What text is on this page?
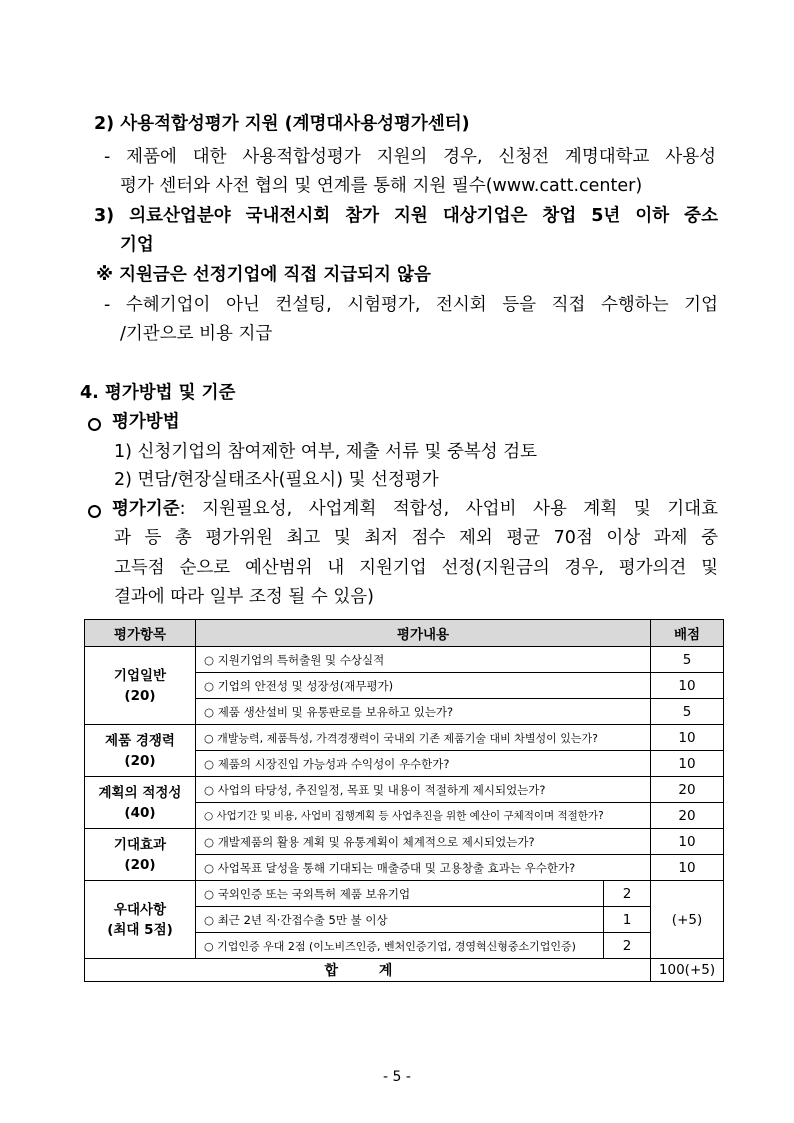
2) 사용적합성평가 지원 (계명대사용성평가센터)
- 제품에 대한 사용적합성평가 지원의 경우, 신청전 계명대학교 사용성
평가 센터와 사전 협의 및 연계를 통해 지원 필수(www.catt.center)
3) 의료산업분야 국내전시회 참가 지원 대상기업은 창업 5년 이하 중소
기업
※ 지원금은 선정기업에 직접 지급되지 않음
- 수혜기업이 아닌 컨설팅, 시험평가, 전시회 등을 직접 수행하는 기업
/기관으로 비용 지급
4. 평가방법 및 기준
평가방법
1) 신청기업의 참여제한 여부, 제출 서류 및 중복성 검토
2) 면담/현장실태조사(필요시) 및 선정평가
평가기준: 지원필요성, 사업계획 적합성, 사업비 사용 계획 및 기대효
과 등 총 평가위원 최고 및 최저 점수 제외 평균 70점 이상 과제 중
고득점 순으로 예산범위 내 지원기업 선정(지원금의 경우, 평가의견 및
결과에 따라 일부 조정 될 수 있음)
평가항목	평가내용		배점

기업일반
(20)	○ 지원기업의 특허출원 및 수상실적		5
	○ 기업의 안전성 및 성장성(재무평가)		10
	○ 제품 생산설비 및 유통판로를 보유하고 있는가?		5

제품 경쟁력
(20)	○ 개발능력, 제품특성, 가격경쟁력이 국내외 기존 제품기술 대비 차별성이 있는가?		10
	○ 제품의 시장진입 가능성과 수익성이 우수한가?		10

계획의 적정성
(40)	○ 사업의 타당성, 추진일정, 목표 및 내용이 적절하게 제시되었는가?		20
	○ 사업기간 및 비용, 사업비 집행계획 등 사업추진을 위한 예산이 구체적이며 적절한가?		20

기대효과
(20)	○ 개발제품의 활용 계획 및 유통계획이 체계적으로 제시되었는가?		10
	○ 사업목표 달성을 통해 기대되는 매출증대 및 고용창출 효과는 우수한가?		10

우대사항
(최대 5점)	○ 국외인증 또는 국외특허 제품 보유기업	2	(+5)
	○ 최근 2년 직·간접수출 5만 불 이상	1	
	○ 기업인증 우대 2점 (이노비즈인증, 벤처인증기업, 경영혁신형중소기업인증)	2	
합 계			100(+5)
- 5 -
